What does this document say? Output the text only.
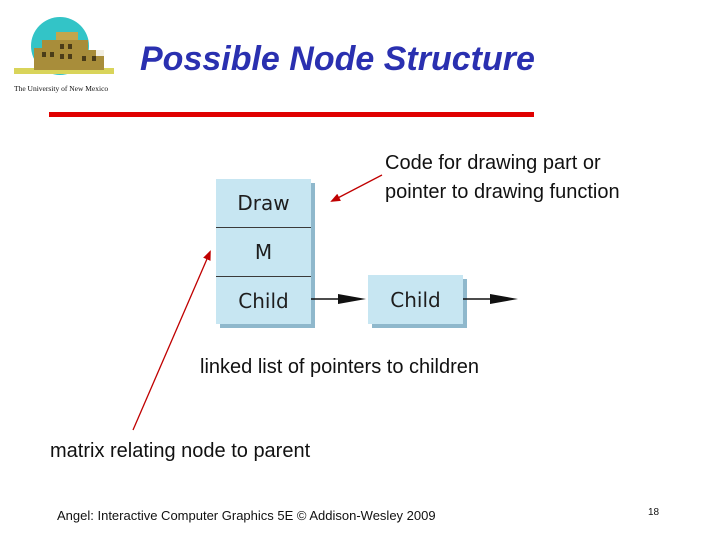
The University of New Mexico
Possible Node Structure
Draw
M
Child	Child
Code for drawing part or
pointer to drawing function
linked list of pointers to children
matrix relating node to parent
Angel: Interactive Computer Graphics 5E © Addison-Wesley 2009	18
